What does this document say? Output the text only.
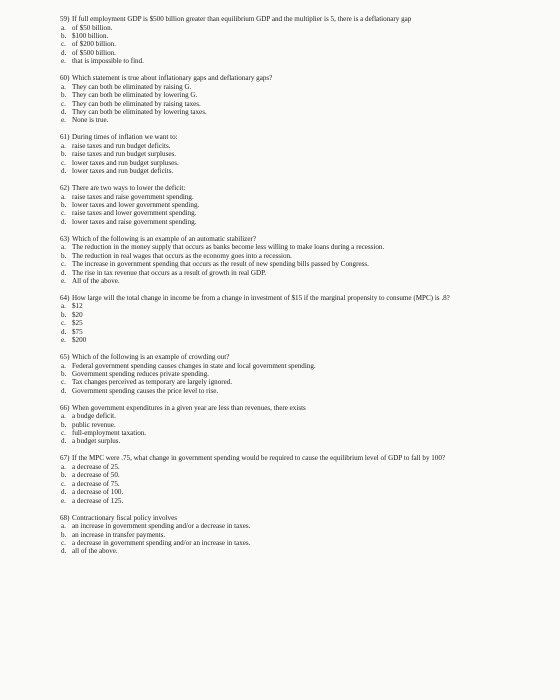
59) If full employment GDP is $500 billion greater than equilibrium GDP and the multiplier is 5, there is a deflationary gap
a. of $50 billion.
b. $100 billion.
c. of $200 billion.
d. of $500 billion.
e. that is impossible to find.
60) Which statement is true about inflationary gaps and deflationary gaps?
a. They can both be eliminated by raising G.
b. They can both be eliminated by lowering G.
c. They can both be eliminated by raising taxes.
d. They can both be eliminated by lowering taxes.
e. None is true.
61) During times of inflation we want to:
a. raise taxes and run budget deficits.
b. raise taxes and run budget surpluses.
c. lower taxes and run budget surpluses.
d. lower taxes and run budget deficits.
62) There are two ways to lower the deficit:
a. raise taxes and raise government spending.
b. lower taxes and lower government spending.
c. raise taxes and lower government spending.
d. lower taxes and raise government spending.
63) Which of the following is an example of an automatic stabilizer?
a. The reduction in the money supply that occurs as banks become less willing to make loans during a recession.
b. The reduction in real wages that occurs as the economy goes into a recession.
c. The increase in government spending that occurs as the result of new spending bills passed by Congress.
d. The rise in tax revenue that occurs as a result of growth in real GDP.
e. All of the above.
64) How large will the total change in income be from a change in investment of $15 if the marginal propensity to consume (MPC) is .8?
a. $12
b. $20
c. $25
d. $75
e. $200
65) Which of the following is an example of crowding out?
a. Federal government spending causes changes in state and local government spending.
b. Government spending reduces private spending.
c. Tax changes perceived as temporary are largely ignored.
d. Government spending causes the price level to rise.
66) When government expenditures in a given year are less than revenues, there exists
a. a budge deficit.
b. public revenue.
c. full-employment taxation.
d. a budget surplus.
67) If the MPC were .75, what change in government spending would be required to cause the equilibrium level of GDP to fall by 100?
a. a decrease of 25.
b. a decrease of 50.
c. a decrease of 75.
d. a decrease of 100.
e. a decrease of 125.
68) Contractionary fiscal policy involves
a. an increase in government spending and/or a decrease in taxes.
b. an increase in transfer payments.
c. a decrease in government spending and/or an increase in taxes.
d. all of the above.
